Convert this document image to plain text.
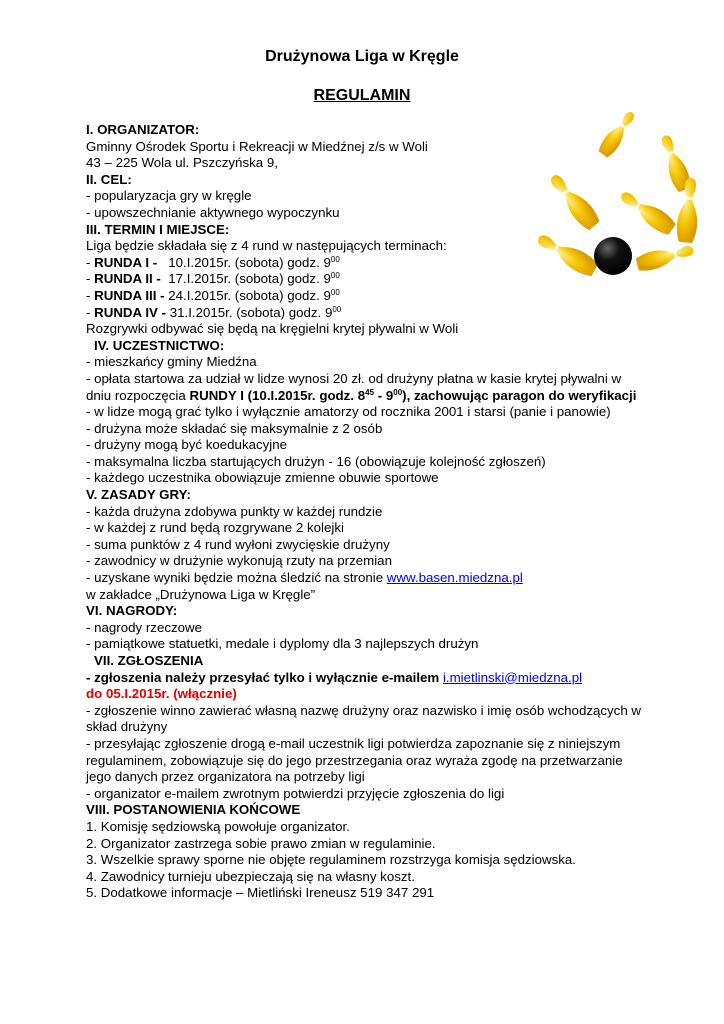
Drużynowa Liga w Kręgle
REGULAMIN

I. ORGANIZATOR:

Gminny Ośrodek Sportu i Rekreacji w Miedźnej z/s w Woli

43 – 225 Wola ul. Pszczyńska 9,

II. CEL:

- popularyzacja gry w kręgle

- upowszechnianie aktywnego wypoczynku

III. TERMIN I MIEJSCE:

Liga będzie składała się z 4 rund w następujących terminach:

- RUNDA I -   10.I.2015r. (sobota) godz. $9^{00}$

- RUNDA II -  17.I.2015r. (sobota) godz. $9^{00}$

- RUNDA III - 24.I.2015r. (sobota) godz. $9^{00}$

- RUNDA IV - 31.I.2015r. (sobota) godz. $9^{00}$

Rozgrywki odbywać się będą na kręgielni krytej pływalni w Woli

IV. UCZESTNICTWO:

- mieszkańcy gminy Miedźna

- opłata startowa za udział w lidze wynosi 20 zł. od drużyny płatna w kasie krytej pływalni w dniu rozpoczęcia RUNDY I (10.I.2015r. godz. $8^{45} - 9^{00}$), zachowując paragon do weryfikacji

- w lidze mogą grać tylko i wyłącznie amatorzy od rocznika 2001 i starsi (panie i panowie)

- drużyna może składać się maksymalnie z 2 osób

- drużyny mogą być koedukacyjne

- maksymalna liczba startujących drużyn - 16 (obowiązuje kolejność zgłoszeń)

- każdego uczestnika obowiązuje zmienne obuwie sportowe

V. ZASADY GRY:

- każda drużyna zdobywa punkty w każdej rundzie

- w każdej z rund będą rozgrywane 2 kolejki

- suma punktów z 4 rund wyłoni zwycięskie drużyny

- zawodnicy w drużynie wykonują rzuty na przemian

- uzyskane wyniki będzie można śledzić na stronie www.basen.miedzna.pl

w zakładce „Drużynowa Liga w Kręgle”

VI. NAGRODY:

- nagrody rzeczowe

- pamiątkowe statuetki, medale i dyplomy dla 3 najlepszych drużyn

VII. ZGŁOSZENIA

- zgłoszenia należy przesyłać tylko i wyłącznie e-mailem i.mietlinski@miedzna.pl

do 05.I.2015r. (włącznie)

- zgłoszenie winno zawierać własną nazwę drużyny oraz nazwisko i imię osób wchodzących w skład drużyny

- przesyłając zgłoszenie drogą e-mail uczestnik ligi potwierdza zapoznanie się z niniejszym regulaminem, zobowiązuje się do jego przestrzegania oraz wyraża zgodę na przetwarzanie jego danych przez organizatora na potrzeby ligi

- organizator e-mailem zwrotnym potwierdzi przyjęcie zgłoszenia do ligi

VIII. POSTANOWIENIA KOŃCOWE

1. Komisję sędziowską powołuje organizator.

2. Organizator zastrzega sobie prawo zmian w regulaminie.

3. Wszelkie sprawy sporne nie objęte regulaminem rozstrzyga komisja sędziowska.

4. Zawodnicy turnieju ubezpieczają się na własny koszt.

5. Dodatkowe informacje – Mietliński Ireneusz 519 347 291
